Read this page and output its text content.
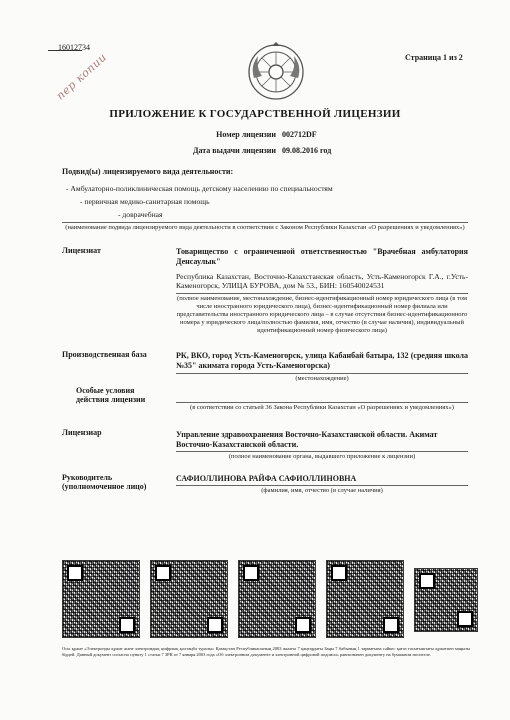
16012734
пер копии	Страница 1 из 2
ПРИЛОЖЕНИЕ К ГОСУДАРСТВЕННОЙ ЛИЦЕНЗИИ
Номер лицензии 002712DF
Дата выдачи лицензии 09.08.2016 год
Подвид(ы) лицензируемого вида деятельности:
- Амбулаторно-поликлиническая помощь детскому населению по специальностям
- первичная медико-санитарная помощь
- доврачебная
(наименование подвида лицензируемого вида деятельности в соответствии с Законом Республики Казахстан «О разрешениях и уведомлениях»)
Лицензиат	Товарищество с ограниченной ответственностью "Врачебная амбулатория Денсаулык"
Республика Казахстан, Восточно-Казахстанская область, Усть-Каменогорск Г.А., г.Усть-Каменогорск, УЛИЦА БУРОВА, дом № 53., БИН: 160540024531
(полное наименование, местонахождение, бизнес-идентификационный номер юридического лица (в том числе иностранного юридического лица), бизнес-идентификационный номер филиала или представительства иностранного юридического лица – в случае отсутствия бизнес-идентификационного номера у юридического лица/полностью фамилия, имя, отчество (в случае наличия), индивидуальный идентификационный номер физического лица)
Производственная база	РК, ВКО, город Усть-Каменогорск, улица Кабанбай батыра, 132 (средняя школа №35" акимата города Усть-Каменогорска)
(местонахождение)
Особые условия действия лицензии
(в соответствии со статьей 36 Закона Республики Казахстан «О разрешениях и уведомлениях»)
Лицензиар	Управление здравоохранения Восточно-Казахстанской области. Акимат Восточно-Казахстанской области.
(полное наименование органа, выдавшего приложение к лицензии)
Руководитель (уполномоченное лицо)
САФИОЛЛИНОВА РАЙФА САФИОЛЛИНОВНА
(фамилия, имя, отчество (в случае наличия)
Осы құжат «Электронды құжат және электрондық цифрлық қолтаңба туралы» Қазақстан Республикасының 2003 жылғы 7 қаңтардағы Заңы 7 бабының 1 тармағына сәйкес қағаз тасығыштағы құжатпен маңызы бірдей. Данный документ согласно пункту 1 статьи 7 ЗРК от 7 января 2003 года «Об электронном документе и электронной цифровой подписи» равнозначен документу на бумажном носителе.
